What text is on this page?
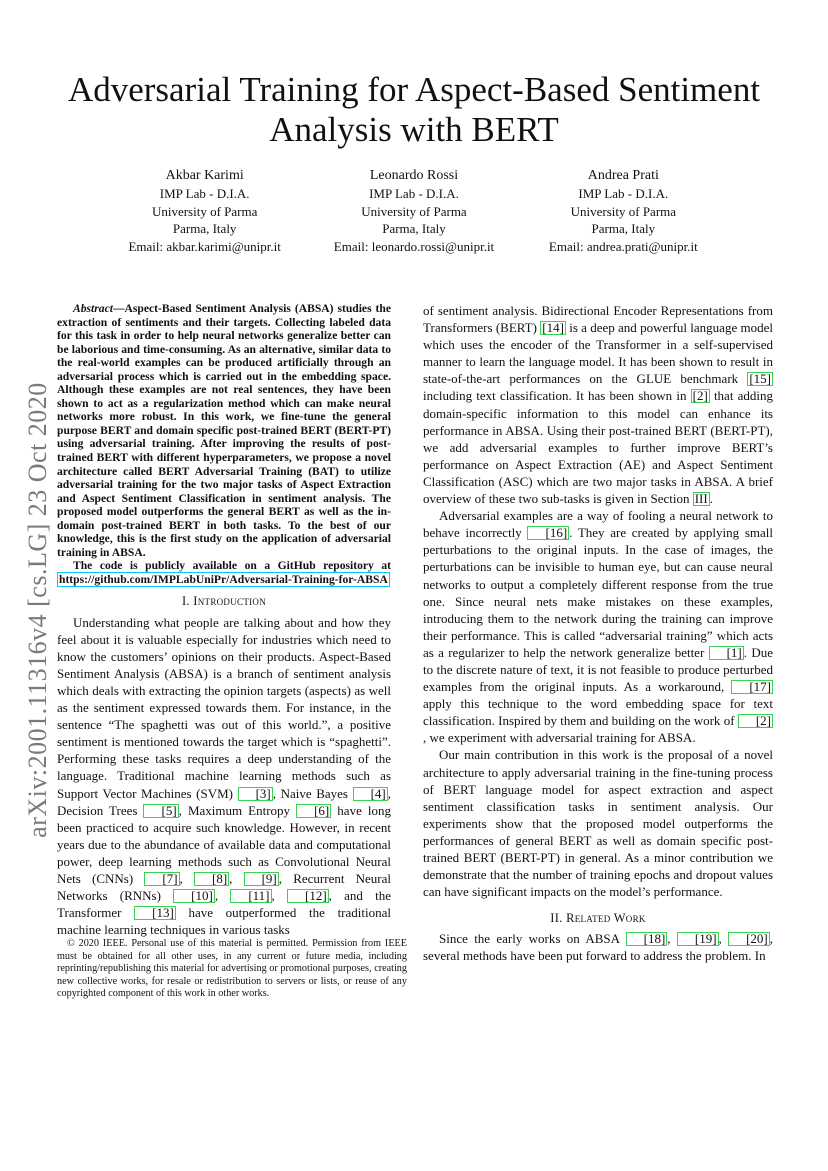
arXiv:2001.11316v4 [cs.LG] 23 Oct 2020
Adversarial Training for Aspect-Based Sentiment Analysis with BERT
Akbar Karimi
IMP Lab - D.I.A.
University of Parma
Parma, Italy
Email: akbar.karimi@unipr.it
Leonardo Rossi
IMP Lab - D.I.A.
University of Parma
Parma, Italy
Email: leonardo.rossi@unipr.it
Andrea Prati
IMP Lab - D.I.A.
University of Parma
Parma, Italy
Email: andrea.prati@unipr.it

Abstract—Aspect-Based Sentiment Analysis (ABSA) studies the extraction of sentiments and their targets. Collecting labeled data for this task in order to help neural networks generalize better can be laborious and time-consuming. As an alternative, similar data to the real-world examples can be produced artificially through an adversarial process which is carried out in the embedding space. Although these examples are not real sentences, they have been shown to act as a regularization method which can make neural networks more robust. In this work, we fine-tune the general purpose BERT and domain specific post-trained BERT (BERT-PT) using adversarial training. After improving the results of post-trained BERT with different hyperparameters, we propose a novel architecture called BERT Adversarial Training (BAT) to utilize adversarial training for the two major tasks of Aspect Extraction and Aspect Sentiment Classification in sentiment analysis. The proposed model outperforms the general BERT as well as the in-domain post-trained BERT in both tasks. To the best of our knowledge, this is the first study on the application of adversarial training in ABSA.

The code is publicly available on a GitHub repository at https://github.com/IMPLabUniPr/Adversarial-Training-for-ABSA

I. Introduction

Understanding what people are talking about and how they feel about it is valuable especially for industries which need to know the customers’ opinions on their products. Aspect-Based Sentiment Analysis (ABSA) is a branch of sentiment analysis which deals with extracting the opinion targets (aspects) as well as the sentiment expressed towards them. For instance, in the sentence “The spaghetti was out of this world.”, a positive sentiment is mentioned towards the target which is “spaghetti”. Performing these tasks requires a deep understanding of the language. Traditional machine learning methods such as Support Vector Machines (SVM) [3] , Naive Bayes [4] , Decision Trees [5] , Maximum Entropy [6] have long been practiced to acquire such knowledge. However, in recent years due to the abundance of available data and computational power, deep learning methods such as Convolutional Neural Nets (CNNs) [7] , [8] , [9] , Recurrent Neural Networks (RNNs) [10] , [11] , [12] , and the Transformer [13] have outperformed the traditional machine learning techniques in various tasks

© 2020 IEEE. Personal use of this material is permitted. Permission from IEEE must be obtained for all other uses, in any current or future media, including reprinting/republishing this material for advertising or promotional purposes, creating new collective works, for resale or redistribution to servers or lists, or reuse of any copyrighted component of this work in other works.

of sentiment analysis. Bidirectional Encoder Representations from Transformers (BERT) [14] is a deep and powerful language model which uses the encoder of the Transformer in a self-supervised manner to learn the language model. It has been shown to result in state-of-the-art performances on the GLUE benchmark [15] including text classification. It has been shown in [2] that adding domain-specific information to this model can enhance its performance in ABSA. Using their post-trained BERT (BERT-PT), we add adversarial examples to further improve BERT’s performance on Aspect Extraction (AE) and Aspect Sentiment Classification (ASC) which are two major tasks in ABSA. A brief overview of these two sub-tasks is given in Section III .

Adversarial examples are a way of fooling a neural network to behave incorrectly [16] . They are created by applying small perturbations to the original inputs. In the case of images, the perturbations can be invisible to human eye, but can cause neural networks to output a completely different response from the true one. Since neural nets make mistakes on these examples, introducing them to the network during the training can improve their performance. This is called “adversarial training” which acts as a regularizer to help the network generalize better [1] . Due to the discrete nature of text, it is not feasible to produce perturbed examples from the original inputs. As a workaround, [17] apply this technique to the word embedding space for text classification. Inspired by them and building on the work of [2], we experiment with adversarial training for ABSA.

Our main contribution in this work is the proposal of a novel architecture to apply adversarial training in the fine-tuning process of BERT language model for aspect extraction and aspect sentiment classification tasks in sentiment analysis. Our experiments show that the proposed model outperforms the performances of general BERT as well as domain specific post-trained BERT (BERT-PT) in general. As a minor contribution we demonstrate that the number of training epochs and dropout values can have significant impacts on the model’s performance.

II. Related Work

Since the early works on ABSA [18] , [19] , [20] , several methods have been put forward to address the problem. In
